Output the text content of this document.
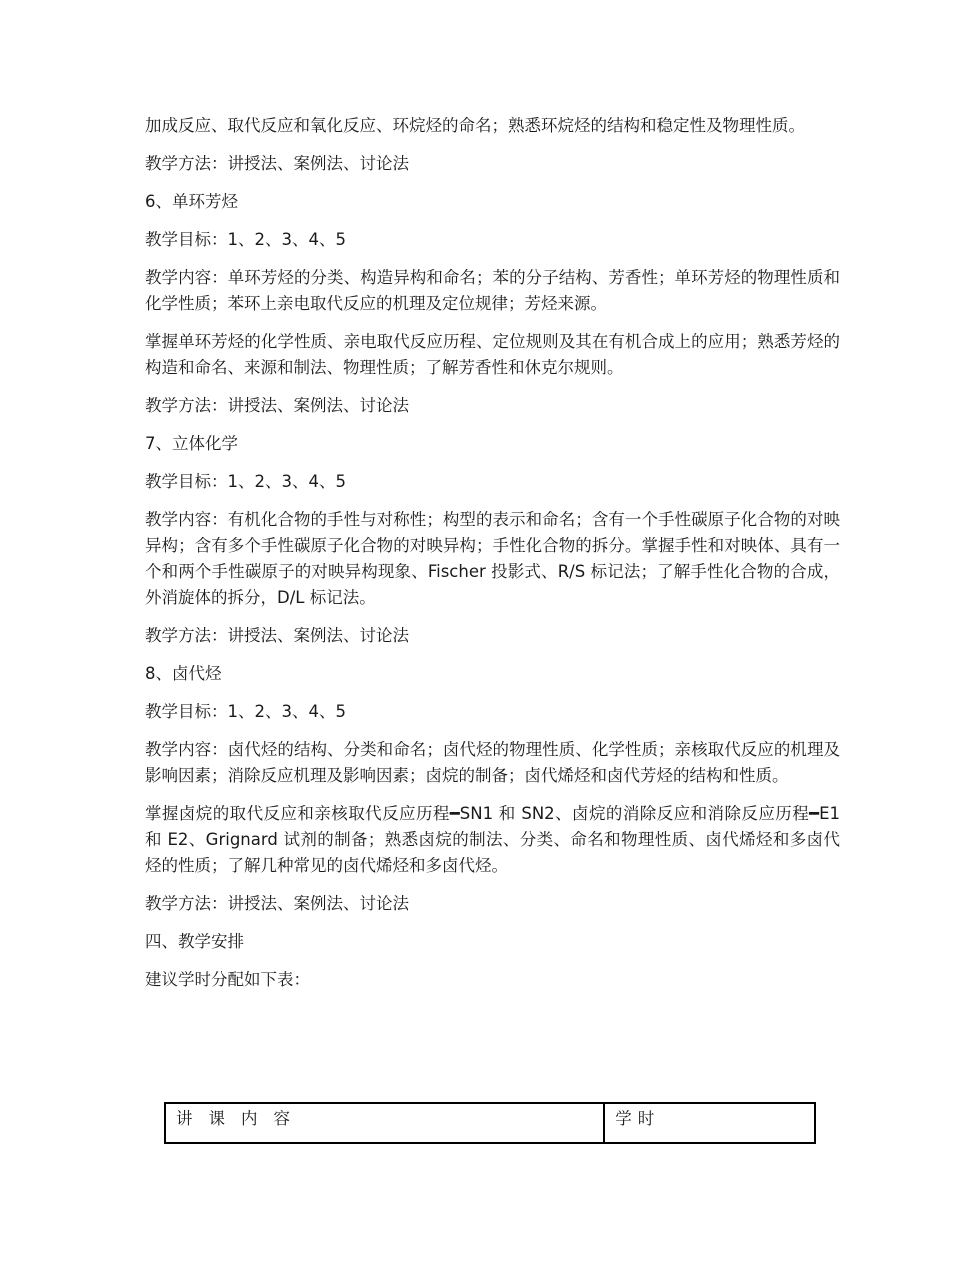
加成反应、取代反应和氧化反应、环烷烃的命名；熟悉环烷烃的结构和稳定性及物理性质。

教学方法：讲授法、案例法、讨论法

6、单环芳烃

教学目标：1、2、3、4、5

教学内容：单环芳烃的分类、构造异构和命名；苯的分子结构、芳香性；单环芳烃的物理性质和化学性质；苯环上亲电取代反应的机理及定位规律；芳烃来源。

掌握单环芳烃的化学性质、亲电取代反应历程、定位规则及其在有机合成上的应用；熟悉芳烃的构造和命名、来源和制法、物理性质；了解芳香性和休克尔规则。

教学方法：讲授法、案例法、讨论法

7、立体化学

教学目标：1、2、3、4、5

教学内容：有机化合物的手性与对称性；构型的表示和命名；含有一个手性碳原子化合物的对映异构；含有多个手性碳原子化合物的对映异构；手性化合物的拆分。掌握手性和对映体、具有一个和两个手性碳原子的对映异构现象、Fischer 投影式、R/S 标记法；了解手性化合物的合成，外消旋体的拆分，D/L 标记法。

教学方法：讲授法、案例法、讨论法

8、卤代烃

教学目标：1、2、3、4、5

教学内容：卤代烃的结构、分类和命名；卤代烃的物理性质、化学性质；亲核取代反应的机理及影响因素；消除反应机理及影响因素；卤烷的制备；卤代烯烃和卤代芳烃的结构和性质。

掌握卤烷的取代反应和亲核取代反应历程━SN1 和 SN2、卤烷的消除反应和消除反应历程━E1 和 E2、Grignard 试剂的制备；熟悉卤烷的制法、分类、命名和物理性质、卤代烯烃和多卤代烃的性质；了解几种常见的卤代烯烃和多卤代烃。

教学方法：讲授法、案例法、讨论法

四、教学安排

建议学时分配如下表：

讲课内容	学时
